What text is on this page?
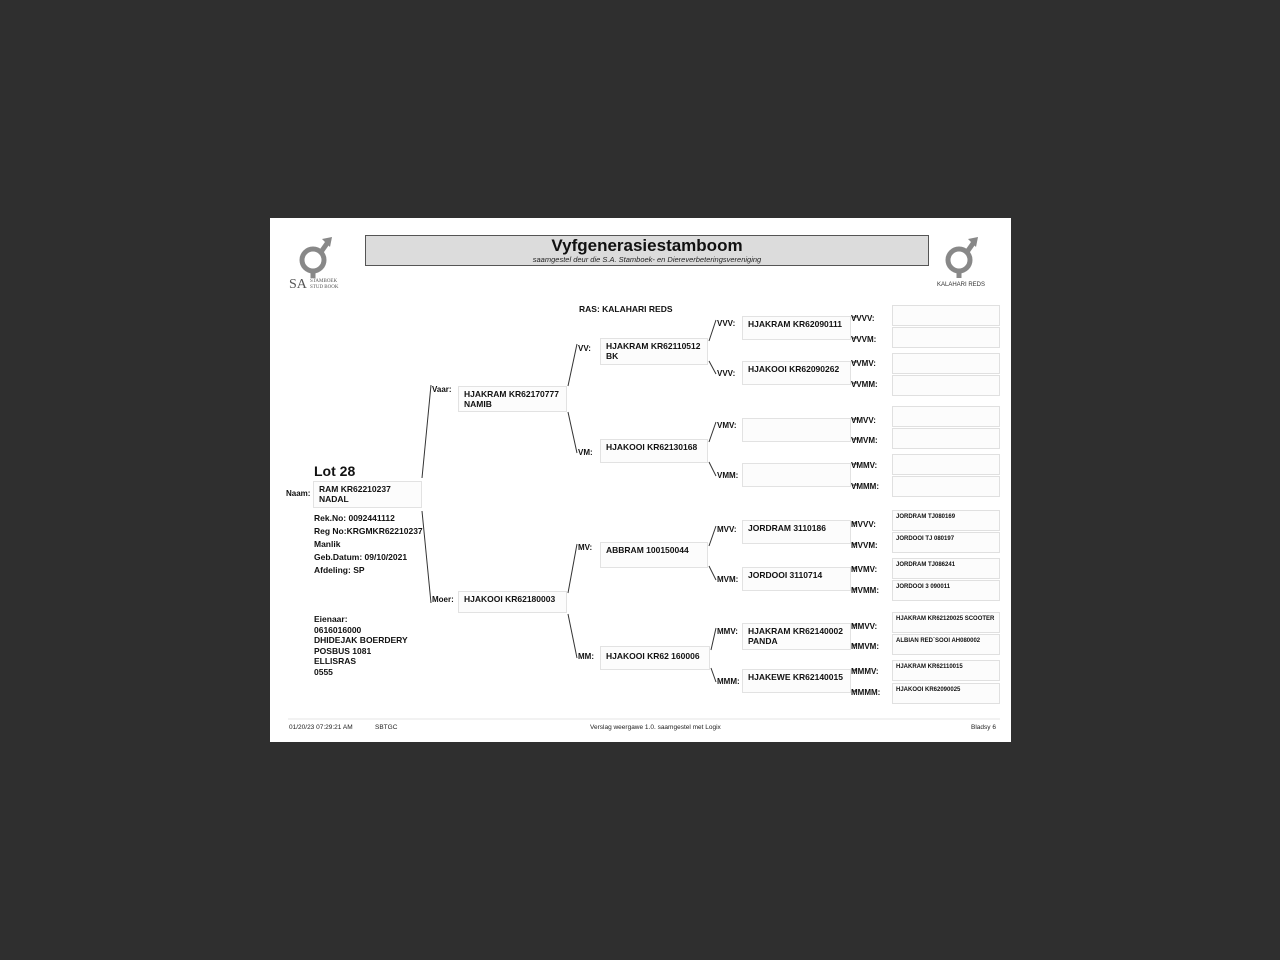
SA STAMBOEK
STUD BOOK
Vyfgenerasiestamboom
saamgestel deur die S.A. Stamboek- en Diereverbeteringsvereniging
KALAHARI REDS
RAS: KALAHARI REDS
Lot 28
Naam:	RAM KR62210237 NADAL
Rek.No: 0092441112
Reg No:KRGMKR62210237
Manlik
Geb.Datum: 09/10/2021
Afdeling: SP
Eienaar:
0616016000
DHIDEJAK BOERDERY
POSBUS 1081
ELLISRAS
0555
Vaar:	HJAKRAM KR62170777 NAMIB
Moer:	HJAKOOI KR62180003
VV:	HJAKRAM KR62110512 BK
VM:
HJAKOOI KR62130168
MV:	ABBRAM 100150044
MM:	HJAKOOI KR62 160006
VVV:	HJAKRAM KR62090111
VVV:	HJAKOOI KR62090262
VMV:
VMM:
MVV:	JORDRAM 3110186
MVM:	JORDOOI 3110714
MMV:	HJAKRAM KR62140002 PANDA
MMM: HJAKEWE KR62140015
VVVV:
VVVM:
VVMV:
VVMM:
VMVV:
VMVM:
VMMV:
VMMM:
MVVV:
JORDRAM TJ080169
MVVM:
JORDOOI TJ 080197
MVMV:	JORDRAM TJ086241
MVMM:	JORDOOI 3 090011
MMVV:
HJAKRAM KR62120025 SCOOTER
MMVM:
ALBIAN RED`SOOI AH080002
MMMV:	HJAKRAM KR62110015
MMMM:	HJAKOOI KR62090025
01/20/23 07:29:21 AM	SBTGC	Verslag weergawe 1.0. saamgestel met Logix	Bladsy 6
